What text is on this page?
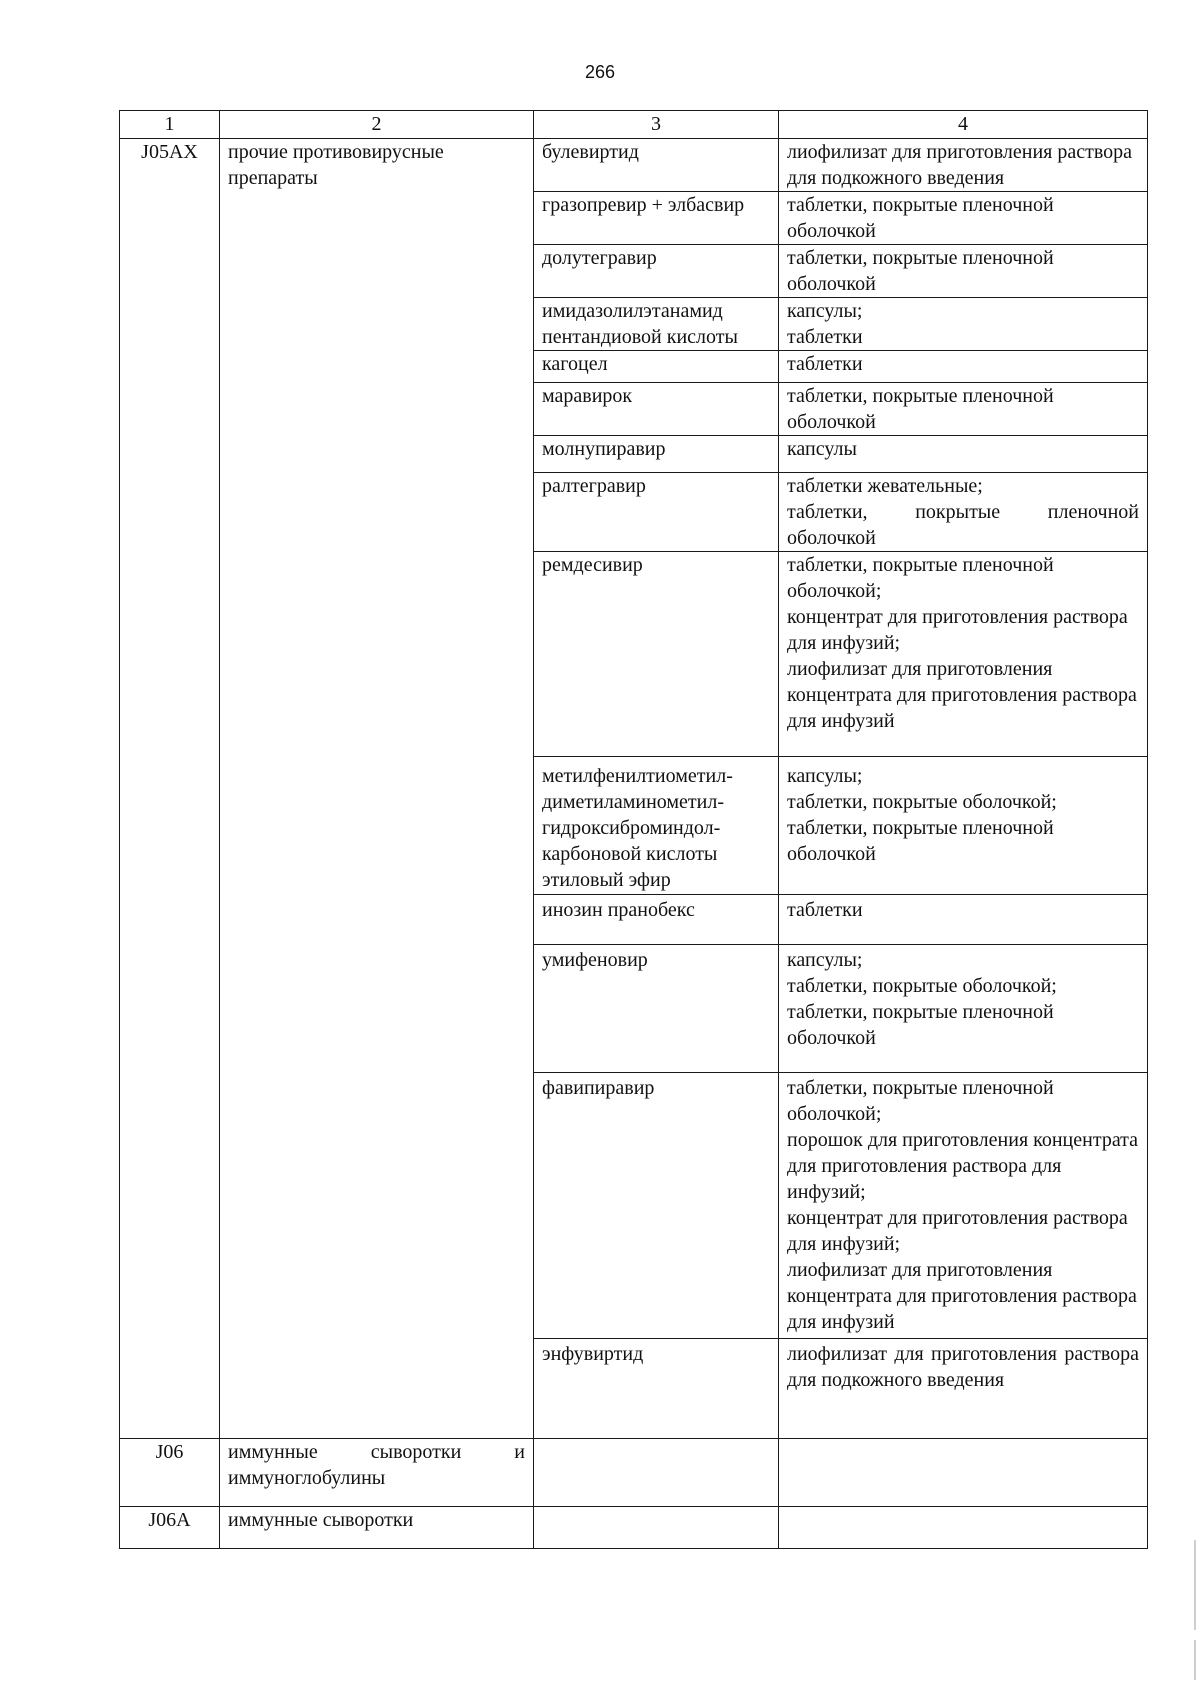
266
1	2	3	4
J05AX	прочие противовирусные препараты	булевиртид	лиофилизат для приготовления раствора для подкожного введения

		гразопревир + элбасвир	таблетки, покрытые пленочной оболочкой

		долутегравир	таблетки, покрытые пленочной оболочкой

		имидазолилэтанамид пентандиовой кислоты	капсулы;
таблетки

		кагоцел	таблетки

		маравирок	таблетки, покрытые пленочной оболочкой

		молнупиравир	капсулы

		ралтегравир	таблетки жевательные;
таблетки, покрытые пленочной оболочкой

		ремдесивир	таблетки, покрытые пленочной оболочкой;
концентрат для приготовления раствора для инфузий;
лиофилизат для приготовления концентрата для приготовления раствора для инфузий

		метилфенилтиометил-диметиламинометил-гидроксиброминдол-карбоновой кислоты этиловый эфир	капсулы;
таблетки, покрытые оболочкой;
таблетки, покрытые пленочной оболочкой

		инозин пранобекс	таблетки

		умифеновир	капсулы;
таблетки, покрытые оболочкой;
таблетки, покрытые пленочной оболочкой

		фавипиравир	таблетки, покрытые пленочной оболочкой;
порошок для приготовления концентрата для приготовления раствора для инфузий;
концентрат для приготовления раствора для инфузий;
лиофилизат для приготовления концентрата для приготовления раствора для инфузий

		энфувиртид	лиофилизат для приготовления раствора для подкожного введения

J06	иммунные сыворотки и иммуноглобулины		
J06A	иммунные сыворотки		
